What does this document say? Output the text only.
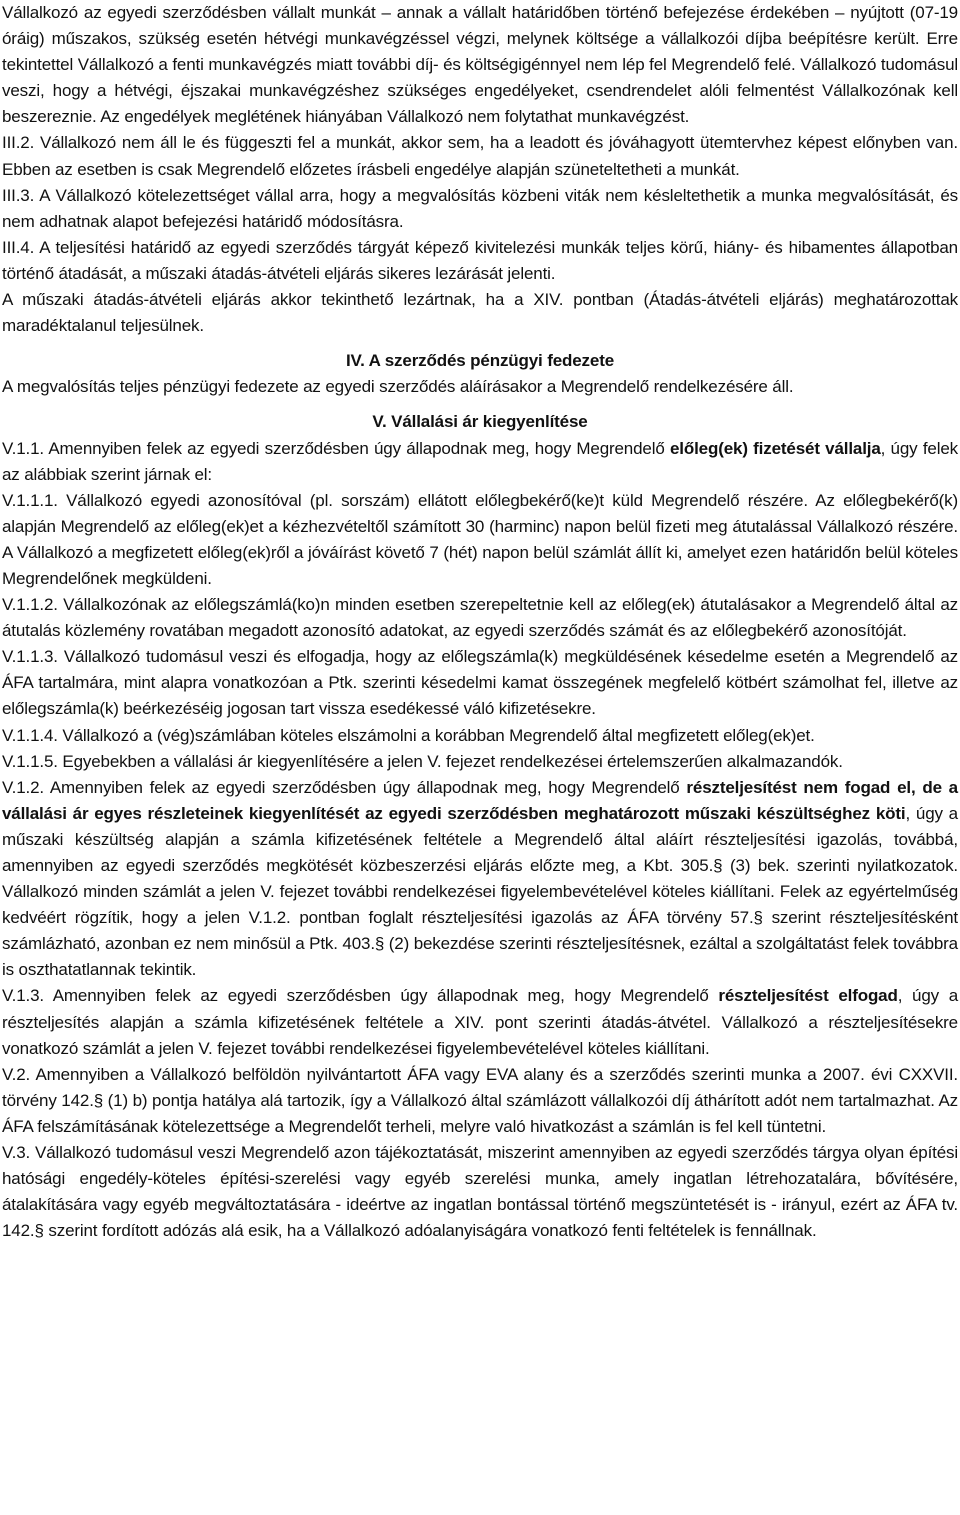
Vállalkozó az egyedi szerződésben vállalt munkát – annak a vállalt határidőben történő befejezése érdekében – nyújtott (07-19 óráig) műszakos, szükség esetén hétvégi munkavégzéssel végzi, melynek költsége a vállalkozói díjba beépítésre került. Erre tekintettel Vállalkozó a fenti munkavégzés miatt további díj- és költségigénnyel nem lép fel Megrendelő felé. Vállalkozó tudomásul veszi, hogy a hétvégi, éjszakai munkavégzéshez szükséges engedélyeket, csendrendelet alóli felmentést Vállalkozónak kell beszereznie. Az engedélyek meglétének hiányában Vállalkozó nem folytathat munkavégzést.

III.2. Vállalkozó nem áll le és függeszti fel a munkát, akkor sem, ha a leadott és jóváhagyott ütemtervhez képest előnyben van. Ebben az esetben is csak Megrendelő előzetes írásbeli engedélye alapján szüneteltetheti a munkát.

III.3. A Vállalkozó kötelezettséget vállal arra, hogy a megvalósítás közbeni viták nem késleltethetik a munka megvalósítását, és nem adhatnak alapot befejezési határidő módosításra.

III.4. A teljesítési határidő az egyedi szerződés tárgyát képező kivitelezési munkák teljes körű, hiány- és hibamentes állapotban történő átadását, a műszaki átadás-átvételi eljárás sikeres lezárását jelenti.

A műszaki átadás-átvételi eljárás akkor tekinthető lezártnak, ha a XIV. pontban (Átadás-átvételi eljárás) meghatározottak maradéktalanul teljesülnek.

IV. A szerződés pénzügyi fedezete

A megvalósítás teljes pénzügyi fedezete az egyedi szerződés aláírásakor a Megrendelő rendelkezésére áll.

V. Vállalási ár kiegyenlítése

V.1.1. Amennyiben felek az egyedi szerződésben úgy állapodnak meg, hogy Megrendelő előleg(ek) fizetését vállalja, úgy felek az alábbiak szerint járnak el:

V.1.1.1. Vállalkozó egyedi azonosítóval (pl. sorszám) ellátott előlegbekérő(ke)t küld Megrendelő részére. Az előlegbekérő(k) alapján Megrendelő az előleg(ek)et a kézhezvételtől számított 30 (harminc) napon belül fizeti meg átutalással Vállalkozó részére. A Vállalkozó a megfizetett előleg(ek)ről a jóváírást követő 7 (hét) napon belül számlát állít ki, amelyet ezen határidőn belül köteles Megrendelőnek megküldeni.

V.1.1.2. Vállalkozónak az előlegszámlá(ko)n minden esetben szerepeltetnie kell az előleg(ek) átutalásakor a Megrendelő által az átutalás közlemény rovatában megadott azonosító adatokat, az egyedi szerződés számát és az előlegbekérő azonosítóját.

V.1.1.3. Vállalkozó tudomásul veszi és elfogadja, hogy az előlegszámla(k) megküldésének késedelme esetén a Megrendelő az ÁFA tartalmára, mint alapra vonatkozóan a Ptk. szerinti késedelmi kamat összegének megfelelő kötbért számolhat fel, illetve az előlegszámla(k) beérkezéséig jogosan tart vissza esedékessé váló kifizetésekre.

V.1.1.4. Vállalkozó a (vég)számlában köteles elszámolni a korábban Megrendelő által megfizetett előleg(ek)et.

V.1.1.5. Egyebekben a vállalási ár kiegyenlítésére a jelen V. fejezet rendelkezései értelemszerűen alkalmazandók.

V.1.2. Amennyiben felek az egyedi szerződésben úgy állapodnak meg, hogy Megrendelő részteljesítést nem fogad el, de a vállalási ár egyes részleteinek kiegyenlítését az egyedi szerződésben meghatározott műszaki készültséghez köti, úgy a műszaki készültség alapján a számla kifizetésének feltétele a Megrendelő által aláírt részteljesítési igazolás, továbbá, amennyiben az egyedi szerződés megkötését közbeszerzési eljárás előzte meg, a Kbt. 305.§ (3) bek. szerinti nyilatkozatok. Vállalkozó minden számlát a jelen V. fejezet további rendelkezései figyelembevételével köteles kiállítani. Felek az egyértelműség kedvéért rögzítik, hogy a jelen V.1.2. pontban foglalt részteljesítési igazolás az ÁFA törvény 57.§ szerint részteljesítésként számlázható, azonban ez nem minősül a Ptk. 403.§ (2) bekezdése szerinti részteljesítésnek, ezáltal a szolgáltatást felek továbbra is oszthatatlannak tekintik.

V.1.3. Amennyiben felek az egyedi szerződésben úgy állapodnak meg, hogy Megrendelő részteljesítést elfogad, úgy a részteljesítés alapján a számla kifizetésének feltétele a XIV. pont szerinti átadás-átvétel. Vállalkozó a részteljesítésekre vonatkozó számlát a jelen V. fejezet további rendelkezései figyelembevételével köteles kiállítani.

V.2. Amennyiben a Vállalkozó belföldön nyilvántartott ÁFA vagy EVA alany és a szerződés szerinti munka a 2007. évi CXXVII. törvény 142.§ (1) b) pontja hatálya alá tartozik, így a Vállalkozó által számlázott vállalkozói díj áthárított adót nem tartalmazhat. Az ÁFA felszámításának kötelezettsége a Megrendelőt terheli, melyre való hivatkozást a számlán is fel kell tüntetni.

V.3. Vállalkozó tudomásul veszi Megrendelő azon tájékoztatását, miszerint amennyiben az egyedi szerződés tárgya olyan építési hatósági engedély-köteles építési-szerelési vagy egyéb szerelési munka, amely ingatlan létrehozatalára, bővítésére, átalakítására vagy egyéb megváltoztatására - ideértve az ingatlan bontással történő megszüntetését is - irányul, ezért az ÁFA tv. 142.§ szerint fordított adózás alá esik, ha a Vállalkozó adóalanyiságára vonatkozó fenti feltételek is fennállnak.
